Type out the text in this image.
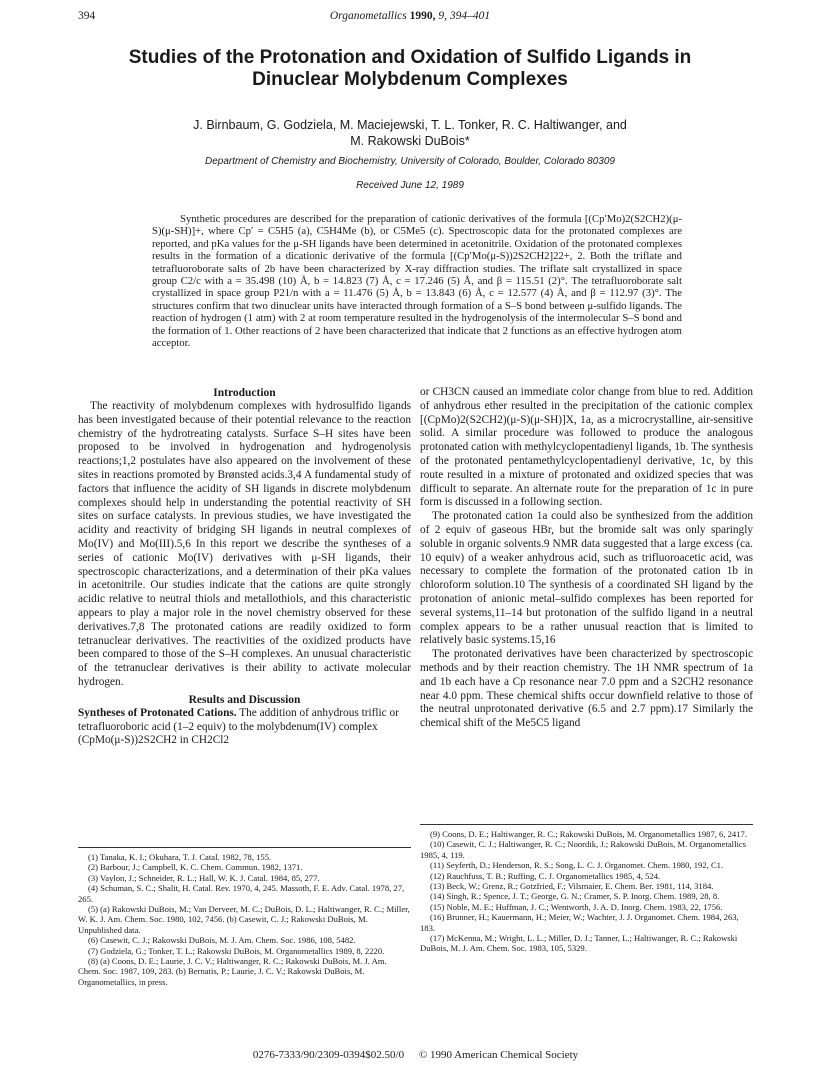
394	Organometallics 1990, 9, 394–401
Studies of the Protonation and Oxidation of Sulfido Ligands in
Dinuclear Molybdenum Complexes
J. Birnbaum, G. Godziela, M. Maciejewski, T. L. Tonker, R. C. Haltiwanger, and
M. Rakowski DuBois*
Department of Chemistry and Biochemistry, University of Colorado, Boulder, Colorado 80309
Received June 12, 1989

Synthetic procedures are described for the preparation of cationic derivatives of the formula [(Cp′Mo)2(S2CH2)(μ-S)(μ-SH)]+, where Cp′ = C5H5 (a), C5H4Me (b), or C5Me5 (c). Spectroscopic data for the protonated complexes are reported, and pKa values for the μ-SH ligands have been determined in acetonitrile. Oxidation of the protonated complexes results in the formation of a dicationic derivative of the formula [(Cp′Mo(μ-S))2S2CH2]22+, 2. Both the triflate and tetrafluoroborate salts of 2b have been characterized by X-ray diffraction studies. The triflate salt crystallized in space group C2/c with a = 35.498 (10) Å, b = 14.823 (7) Å, c = 17.246 (5) Å, and β = 115.51 (2)°. The tetrafluoroborate salt crystallized in space group P21/n with a = 11.476 (5) Å, b = 13.843 (6) Å, c = 12.577 (4) Å, and β = 112.97 (3)°. The structures confirm that two dinuclear units have interacted through formation of a S–S bond between μ-sulfido ligands. The reaction of hydrogen (1 atm) with 2 at room temperature resulted in the hydrogenolysis of the intermolecular S–S bond and the formation of 1. Other reactions of 2 have been characterized that indicate that 2 functions as an effective hydrogen atom acceptor.

Introduction

The reactivity of molybdenum complexes with hydrosulfido ligands has been investigated because of their potential relevance to the reaction chemistry of the hydrotreating catalysts. Surface S–H sites have been proposed to be involved in hydrogenation and hydrogenolysis reactions;1,2 postulates have also appeared on the involvement of these sites in reactions promoted by Brønsted acids.3,4 A fundamental study of factors that influence the acidity of SH ligands in discrete molybdenum complexes should help in understanding the potential reactivity of SH sites on surface catalysts. In previous studies, we have investigated the acidity and reactivity of bridging SH ligands in neutral complexes of Mo(IV) and Mo(III).5,6 In this report we describe the syntheses of a series of cationic Mo(IV) derivatives with μ-SH ligands, their spectroscopic characterizations, and a determination of their pKa values in acetonitrile. Our studies indicate that the cations are quite strongly acidic relative to neutral thiols and metallothiols, and this characteristic appears to play a major role in the novel chemistry observed for these derivatives.7,8 The protonated cations are readily oxidized to form tetranuclear derivatives. The reactivities of the oxidized products have been compared to those of the S–H complexes. An unusual characteristic of the tetranuclear derivatives is their ability to activate molecular hydrogen.

Results and Discussion

Syntheses of Protonated Cations. The addition of anhydrous triflic or tetrafluoroboric acid (1–2 equiv) to the molybdenum(IV) complex (CpMo(μ-S))2S2CH2 in CH2Cl2

or CH3CN caused an immediate color change from blue to red. Addition of anhydrous ether resulted in the precipitation of the cationic complex [(CpMo)2(S2CH2)(μ-S)(μ-SH)]X, 1a, as a microcrystalline, air-sensitive solid. A similar procedure was followed to produce the analogous protonated cation with methylcyclopentadienyl ligands, 1b. The synthesis of the protonated pentamethylcyclopentadienyl derivative, 1c, by this route resulted in a mixture of protonated and oxidized species that was difficult to separate. An alternate route for the preparation of 1c in pure form is discussed in a following section.

The protonated cation 1a could also be synthesized from the addition of 2 equiv of gaseous HBr, but the bromide salt was only sparingly soluble in organic solvents.9 NMR data suggested that a large excess (ca. 10 equiv) of a weaker anhydrous acid, such as trifluoroacetic acid, was necessary to complete the formation of the protonated cation 1b in chloroform solution.10 The synthesis of a coordinated SH ligand by the protonation of anionic metal–sulfido complexes has been reported for several systems,11–14 but protonation of the sulfido ligand in a neutral complex appears to be a rather unusual reaction that is limited to relatively basic systems.15,16

The protonated derivatives have been characterized by spectroscopic methods and by their reaction chemistry. The 1H NMR spectrum of 1a and 1b each have a Cp resonance near 7.0 ppm and a S2CH2 resonance near 4.0 ppm. These chemical shifts occur downfield relative to those of the neutral unprotonated derivative (6.5 and 2.7 ppm).17 Similarly the chemical shift of the Me5C5 ligand

(1) Tanaka, K. I.; Okuhara, T. J. Catal. 1982, 78, 155.
(2) Barbour, J.; Campbell, K. C. Chem. Commun. 1982, 1371.
(3) Vaylon, J.; Schneider, R. L.; Hall, W. K. J. Catal. 1984, 85, 277.
(4) Schuman, S. C.; Shalit, H. Catal. Rev. 1970, 4, 245. Massoth, F. E. Adv. Catal. 1978, 27, 265.
(5) (a) Rakowski DuBois, M.; Van Derveer, M. C.; DuBois, D. L.; Haltiwanger, R. C.; Miller, W. K. J. Am. Chem. Soc. 1980, 102, 7456. (b) Casewit, C. J.; Rakowski DuBois, M. Unpublished data.
(6) Casewit, C. J.; Rakowski DuBois, M. J. Am. Chem. Soc. 1986, 108, 5482.
(7) Godziela, G.; Tonker, T. L.; Rakowski DuBois, M. Organometallics 1989, 8, 2220.
(8) (a) Coons, D. E.; Laurie, J. C. V.; Haltiwanger, R. C.; Rakowski DuBois, M. J. Am. Chem. Soc. 1987, 109, 283. (b) Bernatis, P.; Laurie, J. C. V.; Rakowski DuBois, M. Organometallics, in press.
(9) Coons, D. E.; Haltiwanger, R. C.; Rakowski DuBois, M. Organometallics 1987, 6, 2417.
(10) Casewit, C. J.; Haltiwanger, R. C.; Noordik, J.; Rakowski DuBois, M. Organometallics 1985, 4, 119.
(11) Seyferth, D.; Henderson, R. S.; Song, L. C. J. Organomet. Chem. 1980, 192, C1.
(12) Rauchfuss, T. B.; Ruffing, C. J. Organometallics 1985, 4, 524.
(13) Beck, W.; Grenz, R.; Gotzfried, F.; Vilsmaier, E. Chem. Ber. 1981, 114, 3184.
(14) Singh, R.; Spence, J. T.; George, G. N.; Cramer, S. P. Inorg. Chem. 1989, 28, 8.
(15) Noble, M. E.; Huffman, J. C.; Wentworth, J. A. D. Inorg. Chem. 1983, 22, 1756.
(16) Brunner, H.; Kauermann, H.; Meier, W.; Wachter, J. J. Organomet. Chem. 1984, 263, 183.
(17) McKenna, M.; Wright, L. L.; Miller, D. J.; Tanner, L.; Haltiwanger, R. C.; Rakowski DuBois, M. J. Am. Chem. Soc. 1983, 105, 5329.
0276-7333/90/2309-0394$02.50/0 © 1990 American Chemical Society
